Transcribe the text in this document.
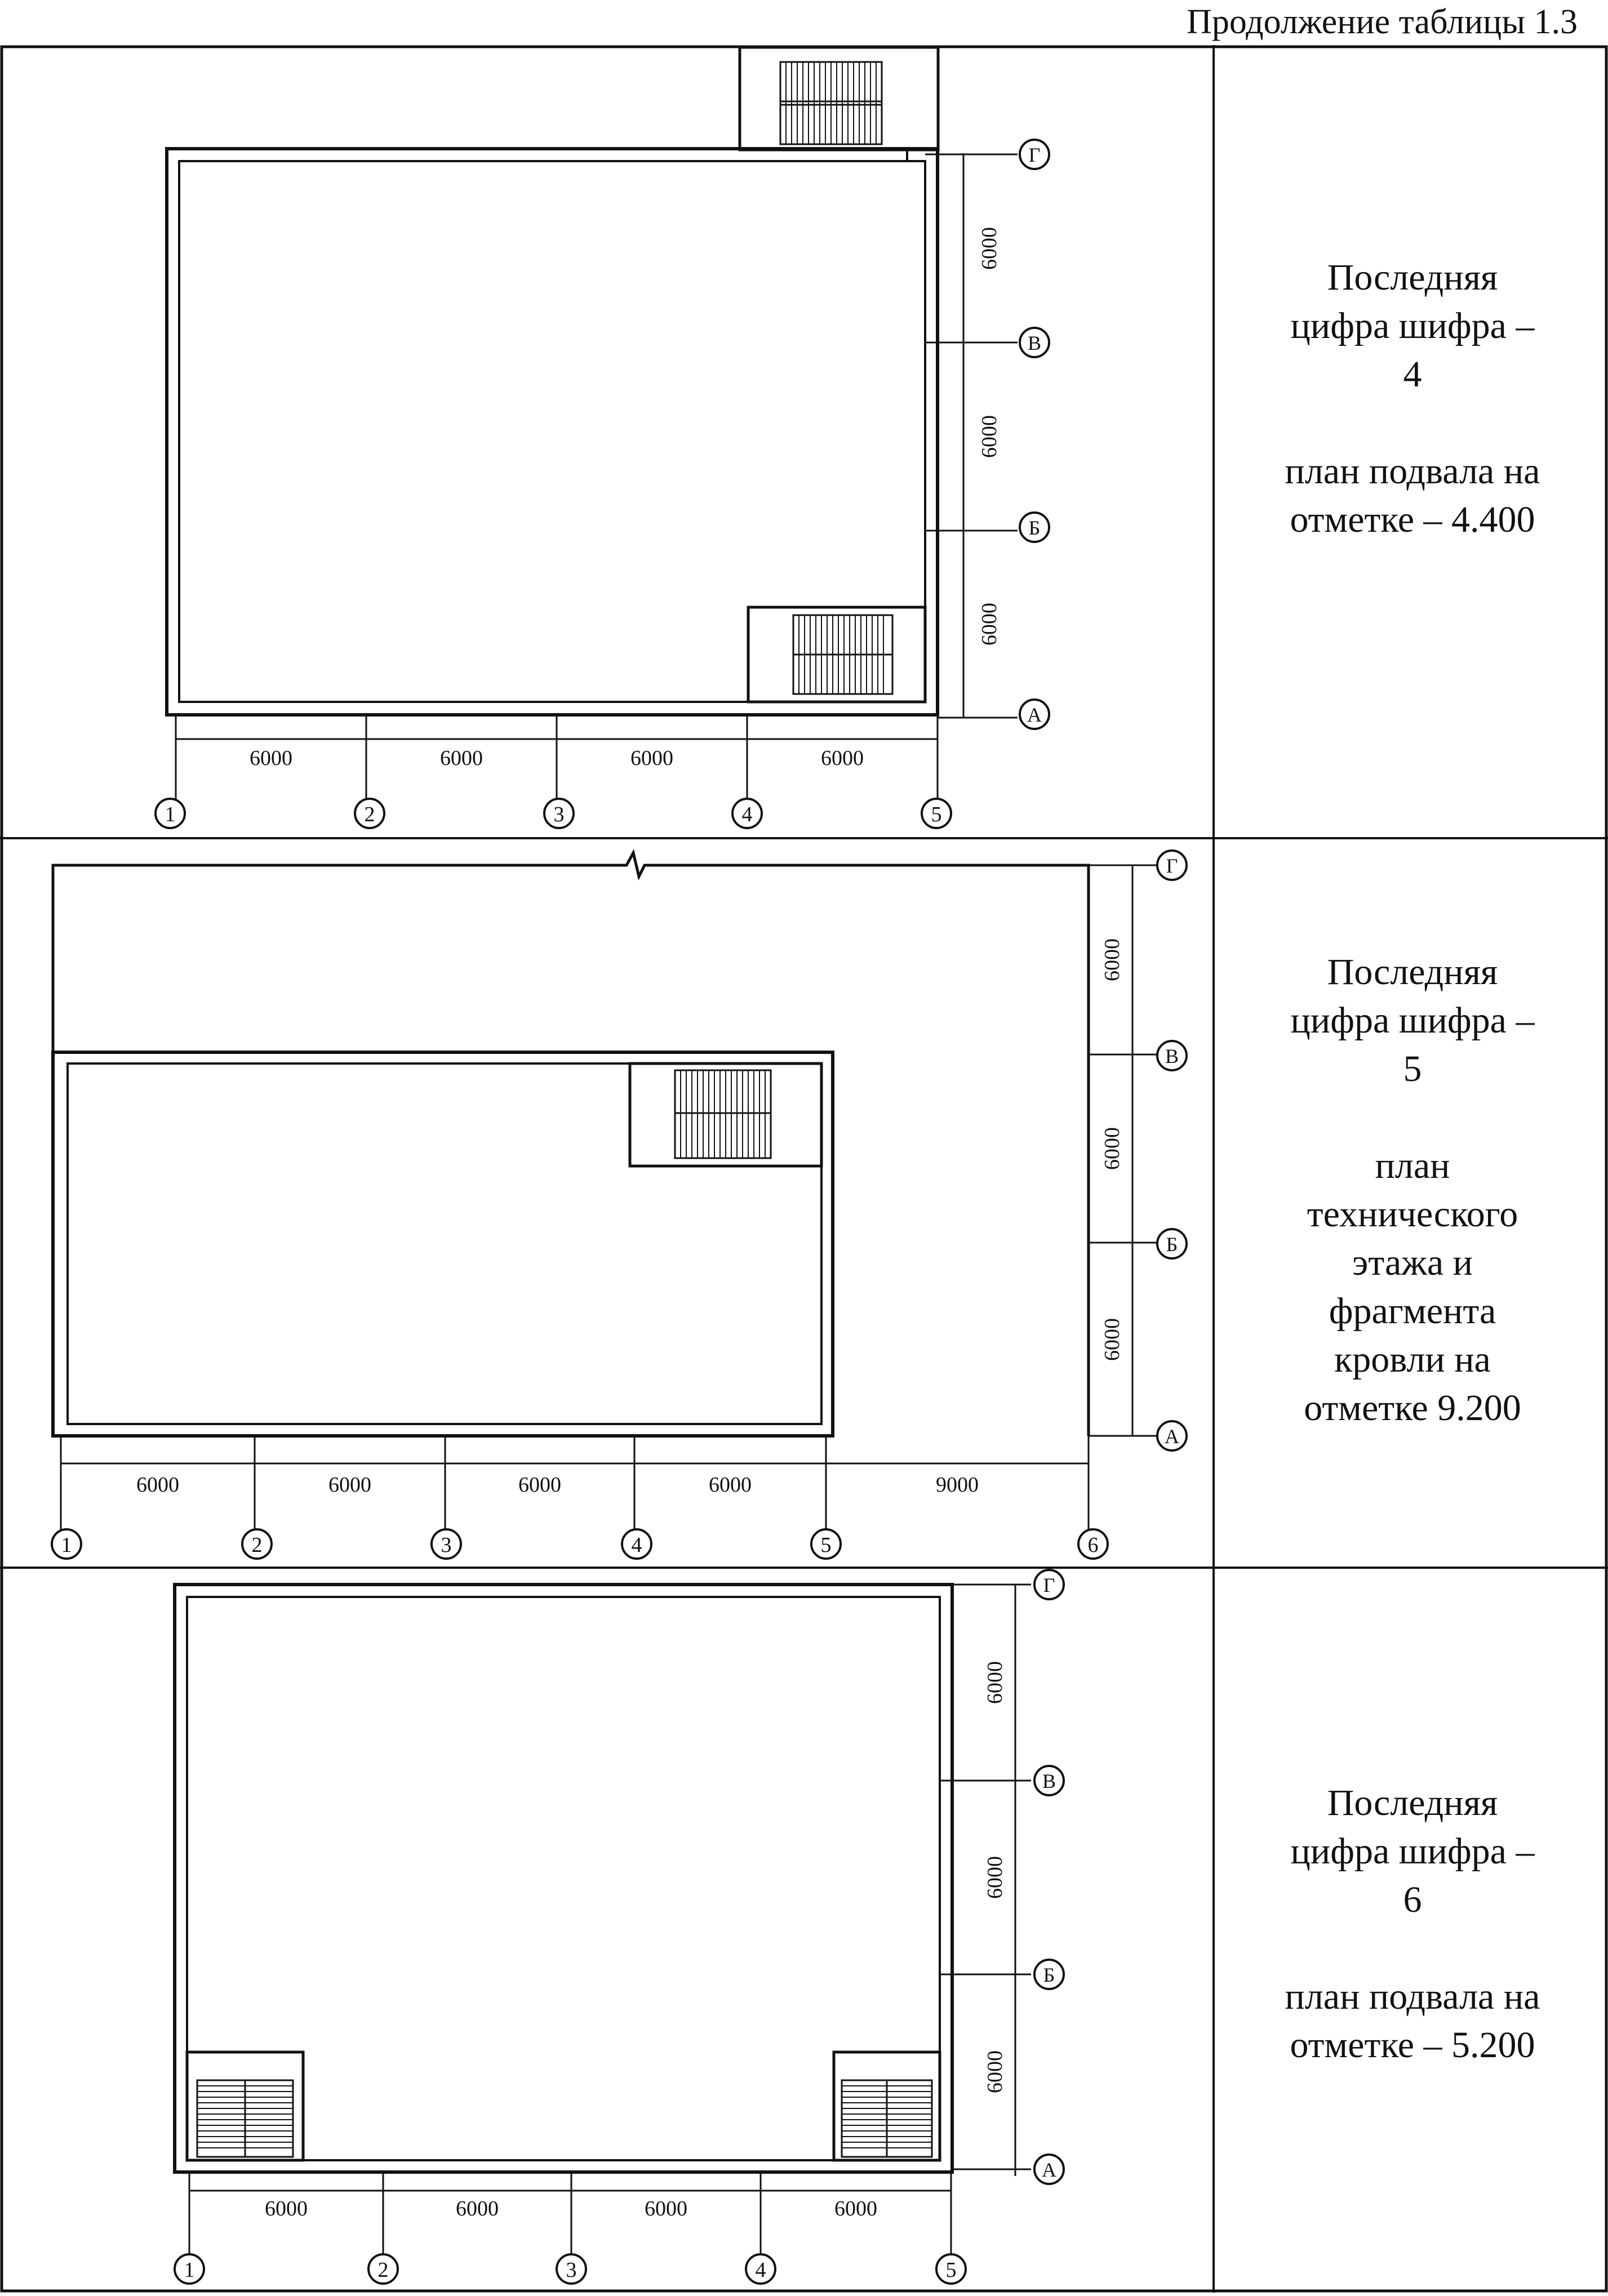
Продолжение таблицы 1.3
6000	6000	6000	6000
6000
6000
6000
1	2	3	4	5
А
Б
В
Г
Последняя
цифра шифра –
4
план подвала на
отметке – 4.400
6000	6000	6000	6000	9000
6000
6000
6000
1	2	3	4	5	6
А
Б
В
Г
Последняя
цифра шифра –
5
план
технического
этажа и
фрагмента
кровли на
отметке 9.200
6000	6000	6000	6000
6000
6000
6000
1	2	3	4	5
А
Б
В
Г
Последняя
цифра шифра –
6
план подвала на
отметке – 5.200
